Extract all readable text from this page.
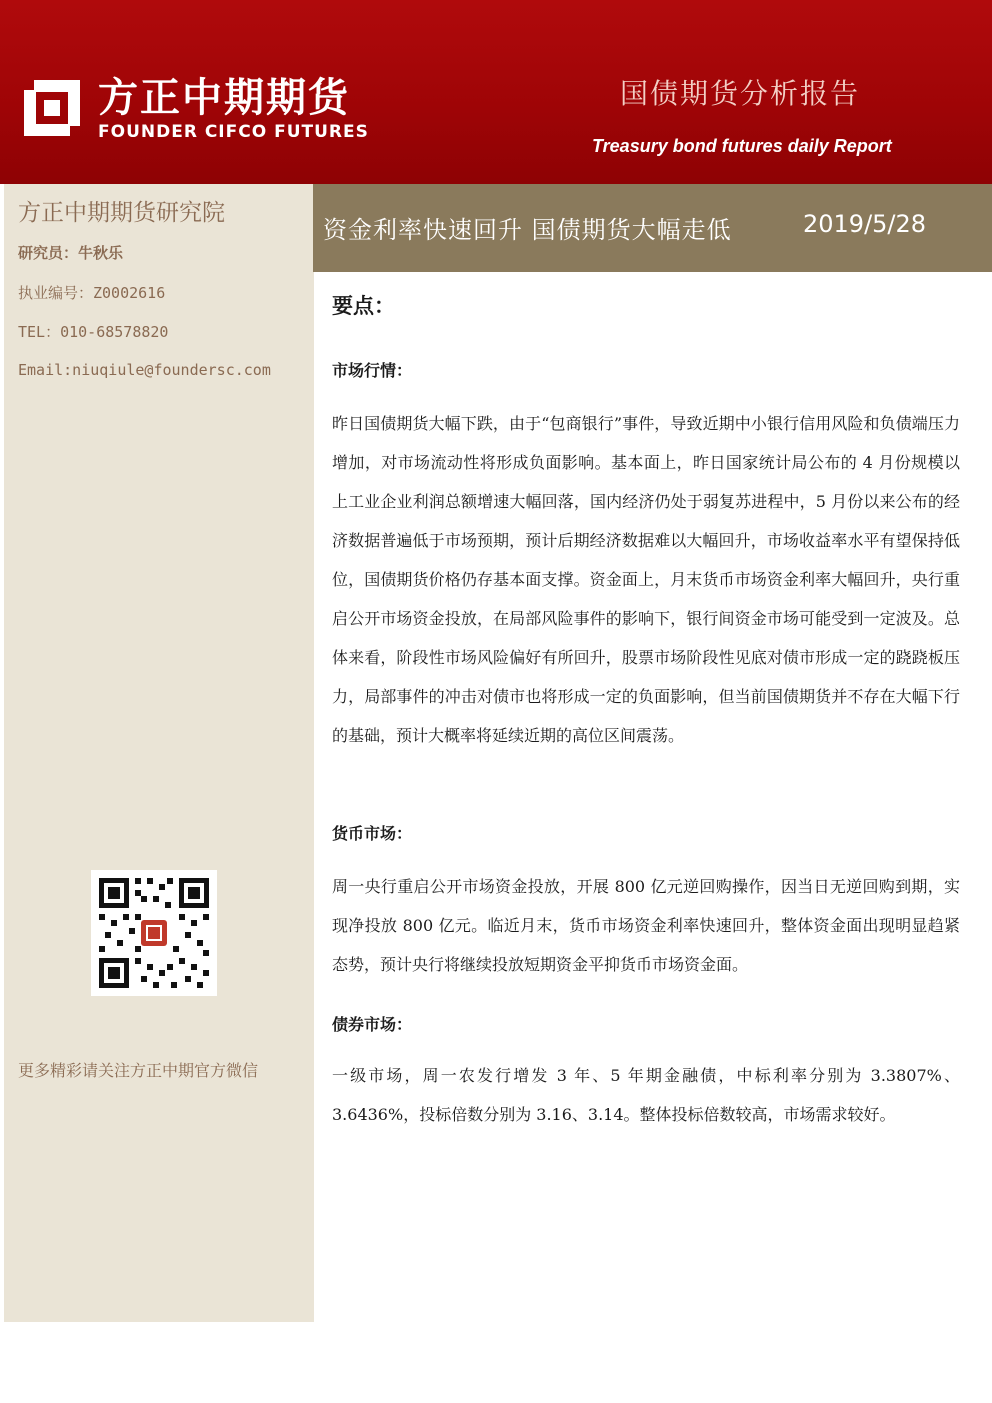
方正中期期货
FOUNDER CIFCO FUTURES
国债期货分析报告
Treasury bond futures daily Report
方正中期期货研究院
研究员：牛秋乐
执业编号：Z0002616
TEL：010-68578820
Email:niuqiule@foundersc.com
更多精彩请关注方正中期官方微信
资金利率快速回升 国债期货大幅走低	2019/5/28
要点：
市场行情：
昨日国债期货大幅下跌，由于“包商银行”事件，导致近期中小银行信用风险和负债端压力增加，对市场流动性将形成负面影响。基本面上，昨日国家统计局公布的 4 月份规模以上工业企业利润总额增速大幅回落，国内经济仍处于弱复苏进程中，5 月份以来公布的经济数据普遍低于市场预期，预计后期经济数据难以大幅回升，市场收益率水平有望保持低位，国债期货价格仍存基本面支撑。资金面上，月末货币市场资金利率大幅回升，央行重启公开市场资金投放，在局部风险事件的影响下，银行间资金市场可能受到一定波及。总体来看，阶段性市场风险偏好有所回升，股票市场阶段性见底对债市形成一定的跷跷板压力，局部事件的冲击对债市也将形成一定的负面影响，但当前国债期货并不存在大幅下行的基础，预计大概率将延续近期的高位区间震荡。
货币市场：
周一央行重启公开市场资金投放，开展 800 亿元逆回购操作，因当日无逆回购到期，实现净投放 800 亿元。临近月末，货币市场资金利率快速回升，整体资金面出现明显趋紧态势，预计央行将继续投放短期资金平抑货币市场资金面。
债券市场：
一级市场，周一农发行增发 3 年、5 年期金融债，中标利率分别为 3.3807%、3.6436%，投标倍数分别为 3.16、3.14。整体投标倍数较高，市场需求较好。
